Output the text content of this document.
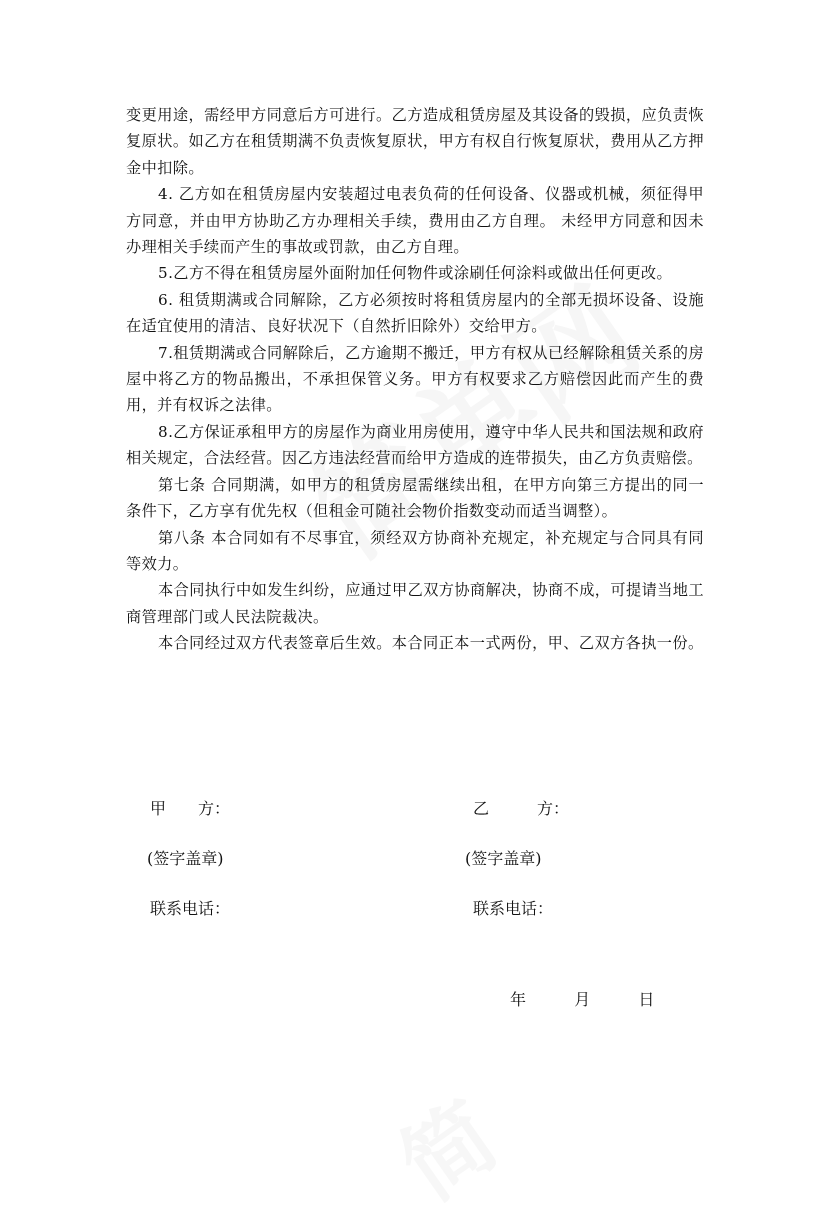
变更用途，需经甲方同意后方可进行。乙方造成租赁房屋及其设备的毁损，应负责恢复原状。如乙方在租赁期满不负责恢复原状，甲方有权自行恢复原状，费用从乙方押金中扣除。

4. 乙方如在租赁房屋内安装超过电表负荷的任何设备、仪器或机械，须征得甲方同意，并由甲方协助乙方办理相关手续，费用由乙方自理。 未经甲方同意和因未办理相关手续而产生的事故或罚款，由乙方自理。

5.乙方不得在租赁房屋外面附加任何物件或涂刷任何涂料或做出任何更改。

6. 租赁期满或合同解除，乙方必须按时将租赁房屋内的全部无损坏设备、设施在适宜使用的清洁、良好状况下（自然折旧除外）交给甲方。

7.租赁期满或合同解除后，乙方逾期不搬迁，甲方有权从已经解除租赁关系的房屋中将乙方的物品搬出，不承担保管义务。甲方有权要求乙方赔偿因此而产生的费用，并有权诉之法律。

8.乙方保证承租甲方的房屋作为商业用房使用，遵守中华人民共和国法规和政府相关规定，合法经营。因乙方违法经营而给甲方造成的连带损失，由乙方负责赔偿。

第七条 合同期满，如甲方的租赁房屋需继续出租，在甲方向第三方提出的同一条件下，乙方享有优先权（但租金可随社会物价指数变动而适当调整）。

第八条 本合同如有不尽事宜，须经双方协商补充规定，补充规定与合同具有同等效力。

本合同执行中如发生纠纷，应通过甲乙双方协商解决，协商不成，可提请当地工商管理部门或人民法院裁决。

本合同经过双方代表签章后生效。本合同正本一式两份，甲、乙双方各执一份。

甲　　方：	乙　　　方：
(签字盖章)	(签字盖章)
联系电话：	联系电话：
年	月	日
